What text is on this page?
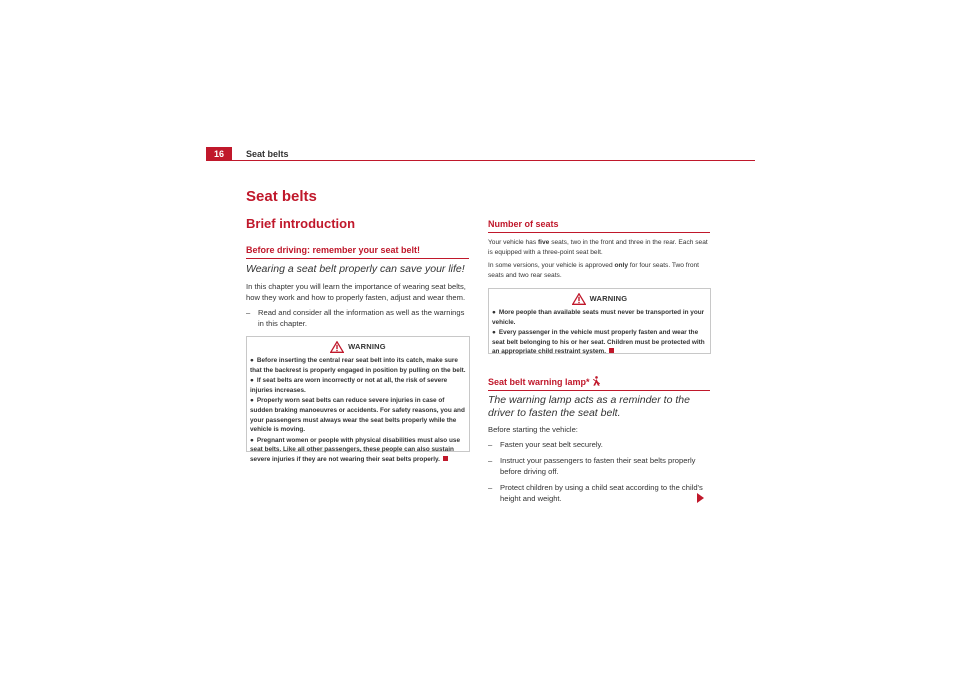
16	Seat belts
Seat belts
Brief introduction
Before driving: remember your seat belt!
Wearing a seat belt properly can save your life!

In this chapter you will learn the importance of wearing seat belts, how they work and how to properly fasten, adjust and wear them.

– Read and consider all the information as well as the warnings in this chapter.
WARNING
● Before inserting the central rear seat belt into its catch, make sure that the backrest is properly engaged in position by pulling on the belt.
● If seat belts are worn incorrectly or not at all, the risk of severe injuries increases.
● Properly worn seat belts can reduce severe injuries in case of sudden braking manoeuvres or accidents. For safety reasons, you and your passengers must always wear the seat belts properly while the vehicle is moving.
● Pregnant women or people with physical disabilities must also use seat belts. Like all other passengers, these people can also sustain severe injuries if they are not wearing their seat belts properly.
Number of seats

Your vehicle has five seats, two in the front and three in the rear. Each seat is equipped with a three-point seat belt.

In some versions, your vehicle is approved only for four seats. Two front seats and two rear seats.

WARNING
● More people than available seats must never be transported in your vehicle.
● Every passenger in the vehicle must properly fasten and wear the seat belt belonging to his or her seat. Children must be protected with an appropriate child restraint system.
Seat belt warning lamp*
The warning lamp acts as a reminder to the driver to fasten the seat belt.

Before starting the vehicle:

– Fasten your seat belt securely.
– Instruct your passengers to fasten their seat belts properly before driving off.
– Protect children by using a child seat according to the child's height and weight.
